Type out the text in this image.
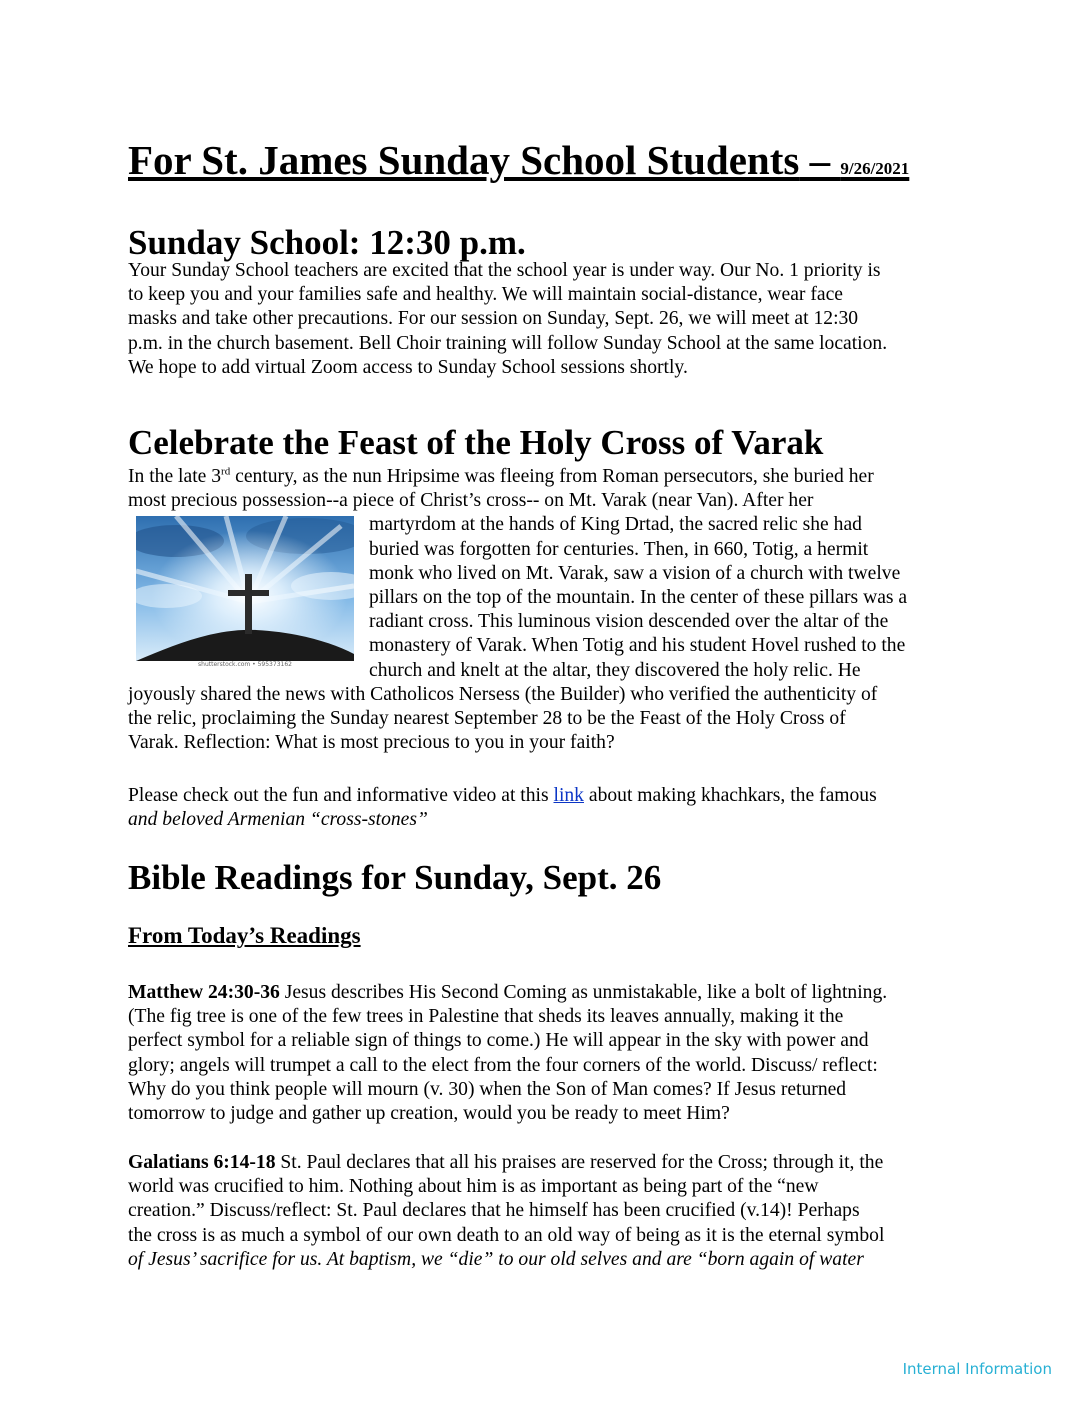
For St. James Sunday School Students – 9/26/2021
Sunday School: 12:30 p.m.
Your Sunday School teachers are excited that the school year is under way. Our No. 1 priority is
to keep you and your families safe and healthy. We will maintain social-distance, wear face
masks and take other precautions. For our session on Sunday, Sept. 26, we will meet at 12:30
p.m. in the church basement. Bell Choir training will follow Sunday School at the same location.
We hope to add virtual Zoom access to Sunday School sessions shortly.
Celebrate the Feast of the Holy Cross of Varak
In the late 3rd century, as the nun Hripsime was fleeing from Roman persecutors, she buried her
most precious possession--a piece of Christ’s cross-- on Mt. Varak (near Van). After her
martyrdom at the hands of King Drtad, the sacred relic she had
buried was forgotten for centuries. Then, in 660, Totig, a hermit
monk who lived on Mt. Varak, saw a vision of a church with twelve
pillars on the top of the mountain. In the center of these pillars was a
radiant cross. This luminous vision descended over the altar of the
monastery of Varak. When Totig and his student Hovel rushed to the
church and knelt at the altar, they discovered the holy relic. He
joyously shared the news with Catholicos Nersess (the Builder) who verified the authenticity of
the relic, proclaiming the Sunday nearest September 28 to be the Feast of the Holy Cross of
Varak. Reflection: What is most precious to you in your faith?
shutterstock.com • 595373162
Please check out the fun and informative video at this link about making khachkars, the famous
and beloved Armenian “cross-stones”
Bible Readings for Sunday, Sept. 26
From Today’s Readings
Matthew 24:30-36 Jesus describes His Second Coming as unmistakable, like a bolt of lightning.
(The fig tree is one of the few trees in Palestine that sheds its leaves annually, making it the
perfect symbol for a reliable sign of things to come.) He will appear in the sky with power and
glory; angels will trumpet a call to the elect from the four corners of the world. Discuss/ reflect:
Why do you think people will mourn (v. 30) when the Son of Man comes? If Jesus returned
tomorrow to judge and gather up creation, would you be ready to meet Him?
Galatians 6:14-18 St. Paul declares that all his praises are reserved for the Cross; through it, the
world was crucified to him. Nothing about him is as important as being part of the “new
creation.” Discuss/reflect: St. Paul declares that he himself has been crucified (v.14)! Perhaps
the cross is as much a symbol of our own death to an old way of being as it is the eternal symbol
of Jesus’ sacrifice for us. At baptism, we “die” to our old selves and are “born again of water
Internal Information
